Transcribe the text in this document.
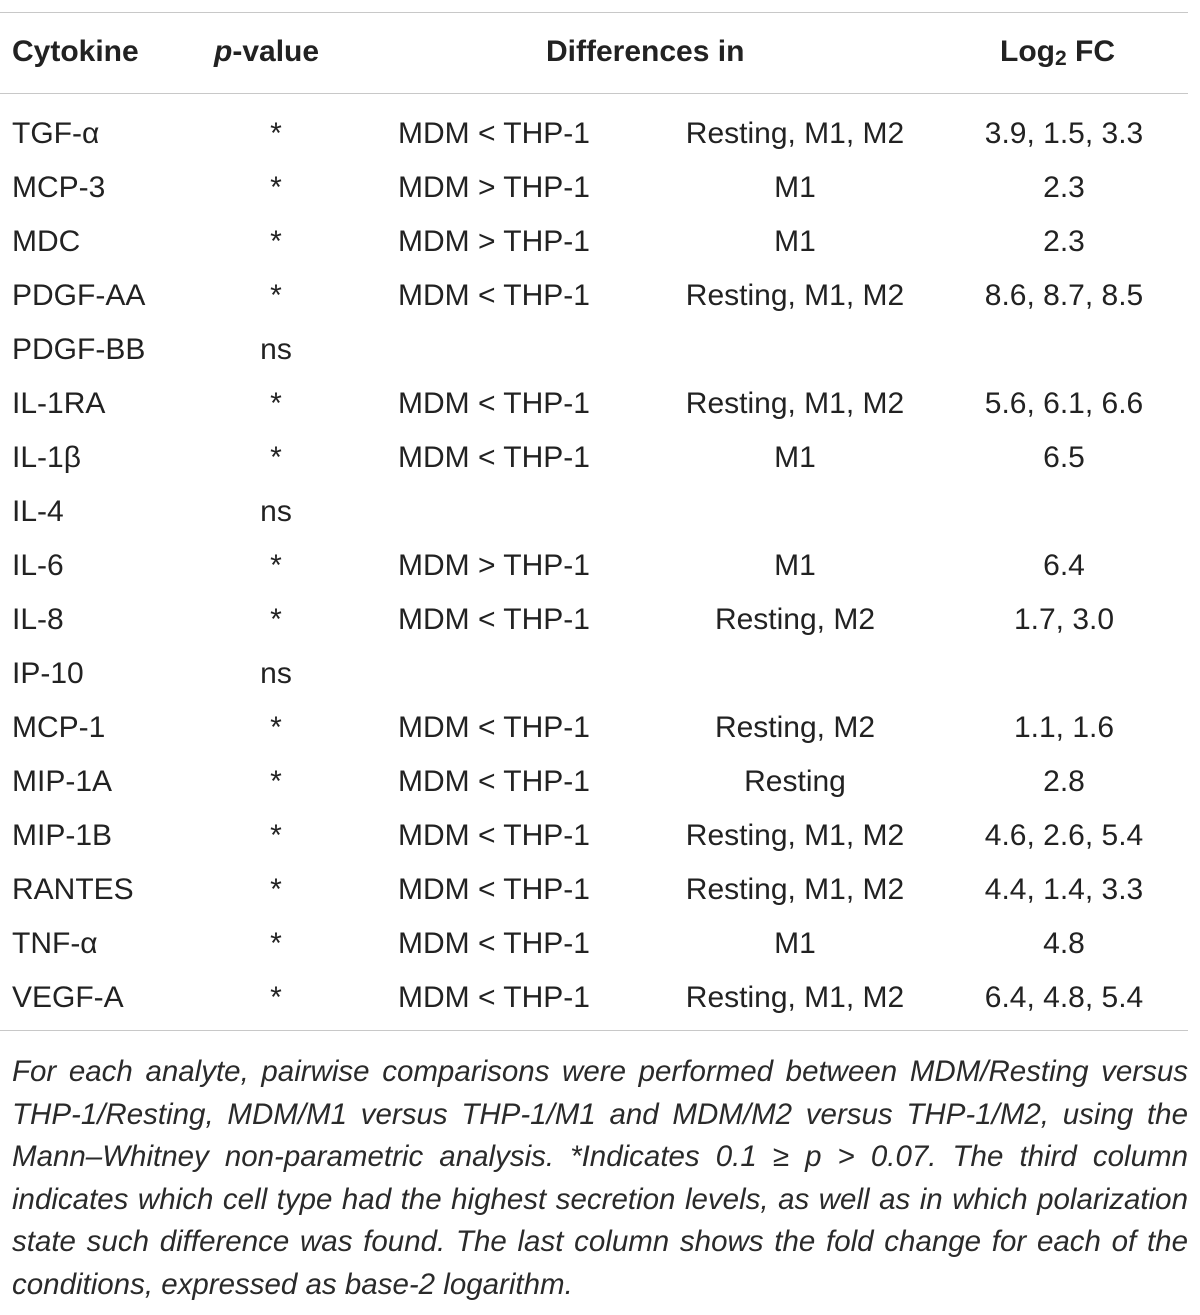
Cytokine	p-value	Differences in	Log$_2$ FC
TGF-α	*	MDM < THP-1	Resting, M1, M2	3.9, 1.5, 3.3
MCP-3	*	MDM > THP-1	M1	2.3
MDC	*	MDM > THP-1	M1	2.3
PDGF-AA	*	MDM < THP-1	Resting, M1, M2	8.6, 8.7, 8.5
PDGF-BB	ns
IL-1RA	*	MDM < THP-1	Resting, M1, M2	5.6, 6.1, 6.6
IL-1β	*	MDM < THP-1	M1	6.5
IL-4	ns
IL-6	*	MDM > THP-1	M1	6.4
IL-8	*	MDM < THP-1	Resting, M2	1.7, 3.0
IP-10	ns
MCP-1	*	MDM < THP-1	Resting, M2	1.1, 1.6
MIP-1A	*	MDM < THP-1	Resting	2.8
MIP-1B	*	MDM < THP-1	Resting, M1, M2	4.6, 2.6, 5.4
RANTES	*	MDM < THP-1	Resting, M1, M2	4.4, 1.4, 3.3
TNF-α	*	MDM < THP-1	M1	4.8
VEGF-A	*	MDM < THP-1	Resting, M1, M2	6.4, 4.8, 5.4
For each analyte, pairwise comparisons were performed between MDM/Resting versus THP-1/Resting, MDM/M1 versus THP-1/M1 and MDM/M2 versus THP-1/M2, using the Mann–Whitney non-parametric analysis. *Indicates 0.1 ≥ p > 0.07. The third column indicates which cell type had the highest secretion levels, as well as in which polarization state such difference was found. The last column shows the fold change for each of the conditions, expressed as base-2 logarithm.
